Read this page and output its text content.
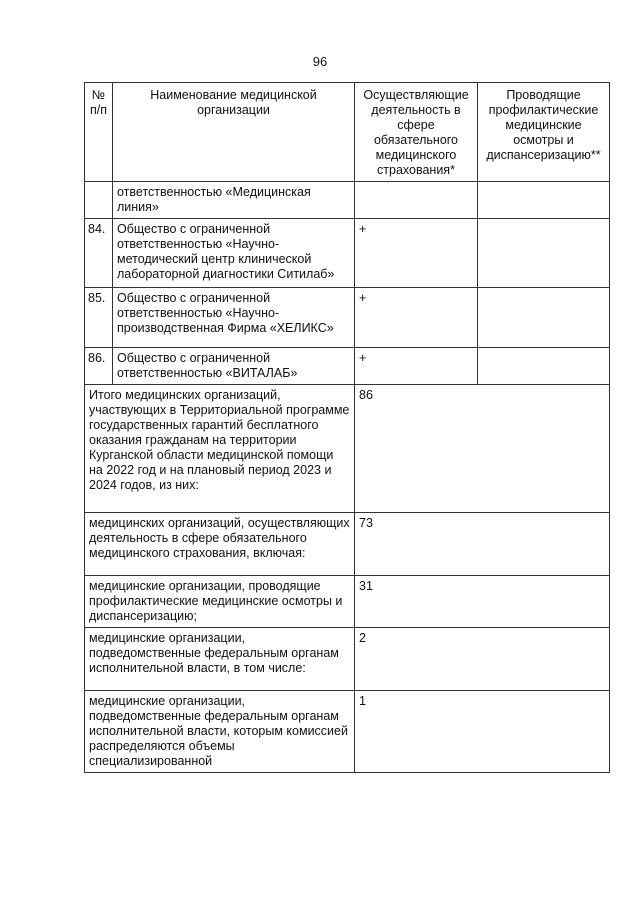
96
№ п/п	Наименование медицинской организации	Осуществляющие деятельность в сфере обязательного медицинского страхования*	Проводящие профилактические медицинские осмотры и диспансеризацию**
	ответственностью «Медицинская линия»		
84.	Общество с ограниченной ответственностью «Научно-методический центр клинической лабораторной диагностики Ситилаб»	+	
85.	Общество с ограниченной ответственностью «Научно-производственная Фирма «ХЕЛИКС»	+	
86.	Общество с ограниченной ответственностью «ВИТАЛАБ»	+	
Итого медицинских организаций, участвующих в Территориальной программе государственных гарантий бесплатного оказания гражданам на территории Курганской области медицинской помощи на 2022 год и на плановый период 2023 и 2024 годов, из них:		86	
медицинских организаций, осуществляющих деятельность в сфере обязательного медицинского страхования, включая:		73	
медицинские организации, проводящие профилактические медицинские осмотры и диспансеризацию;		31	
медицинские организации, подведомственные федеральным органам исполнительной власти, в том числе:		2	
медицинские организации, подведомственные федеральным органам исполнительной власти, которым комиссией распределяются объемы специализированной		1	
